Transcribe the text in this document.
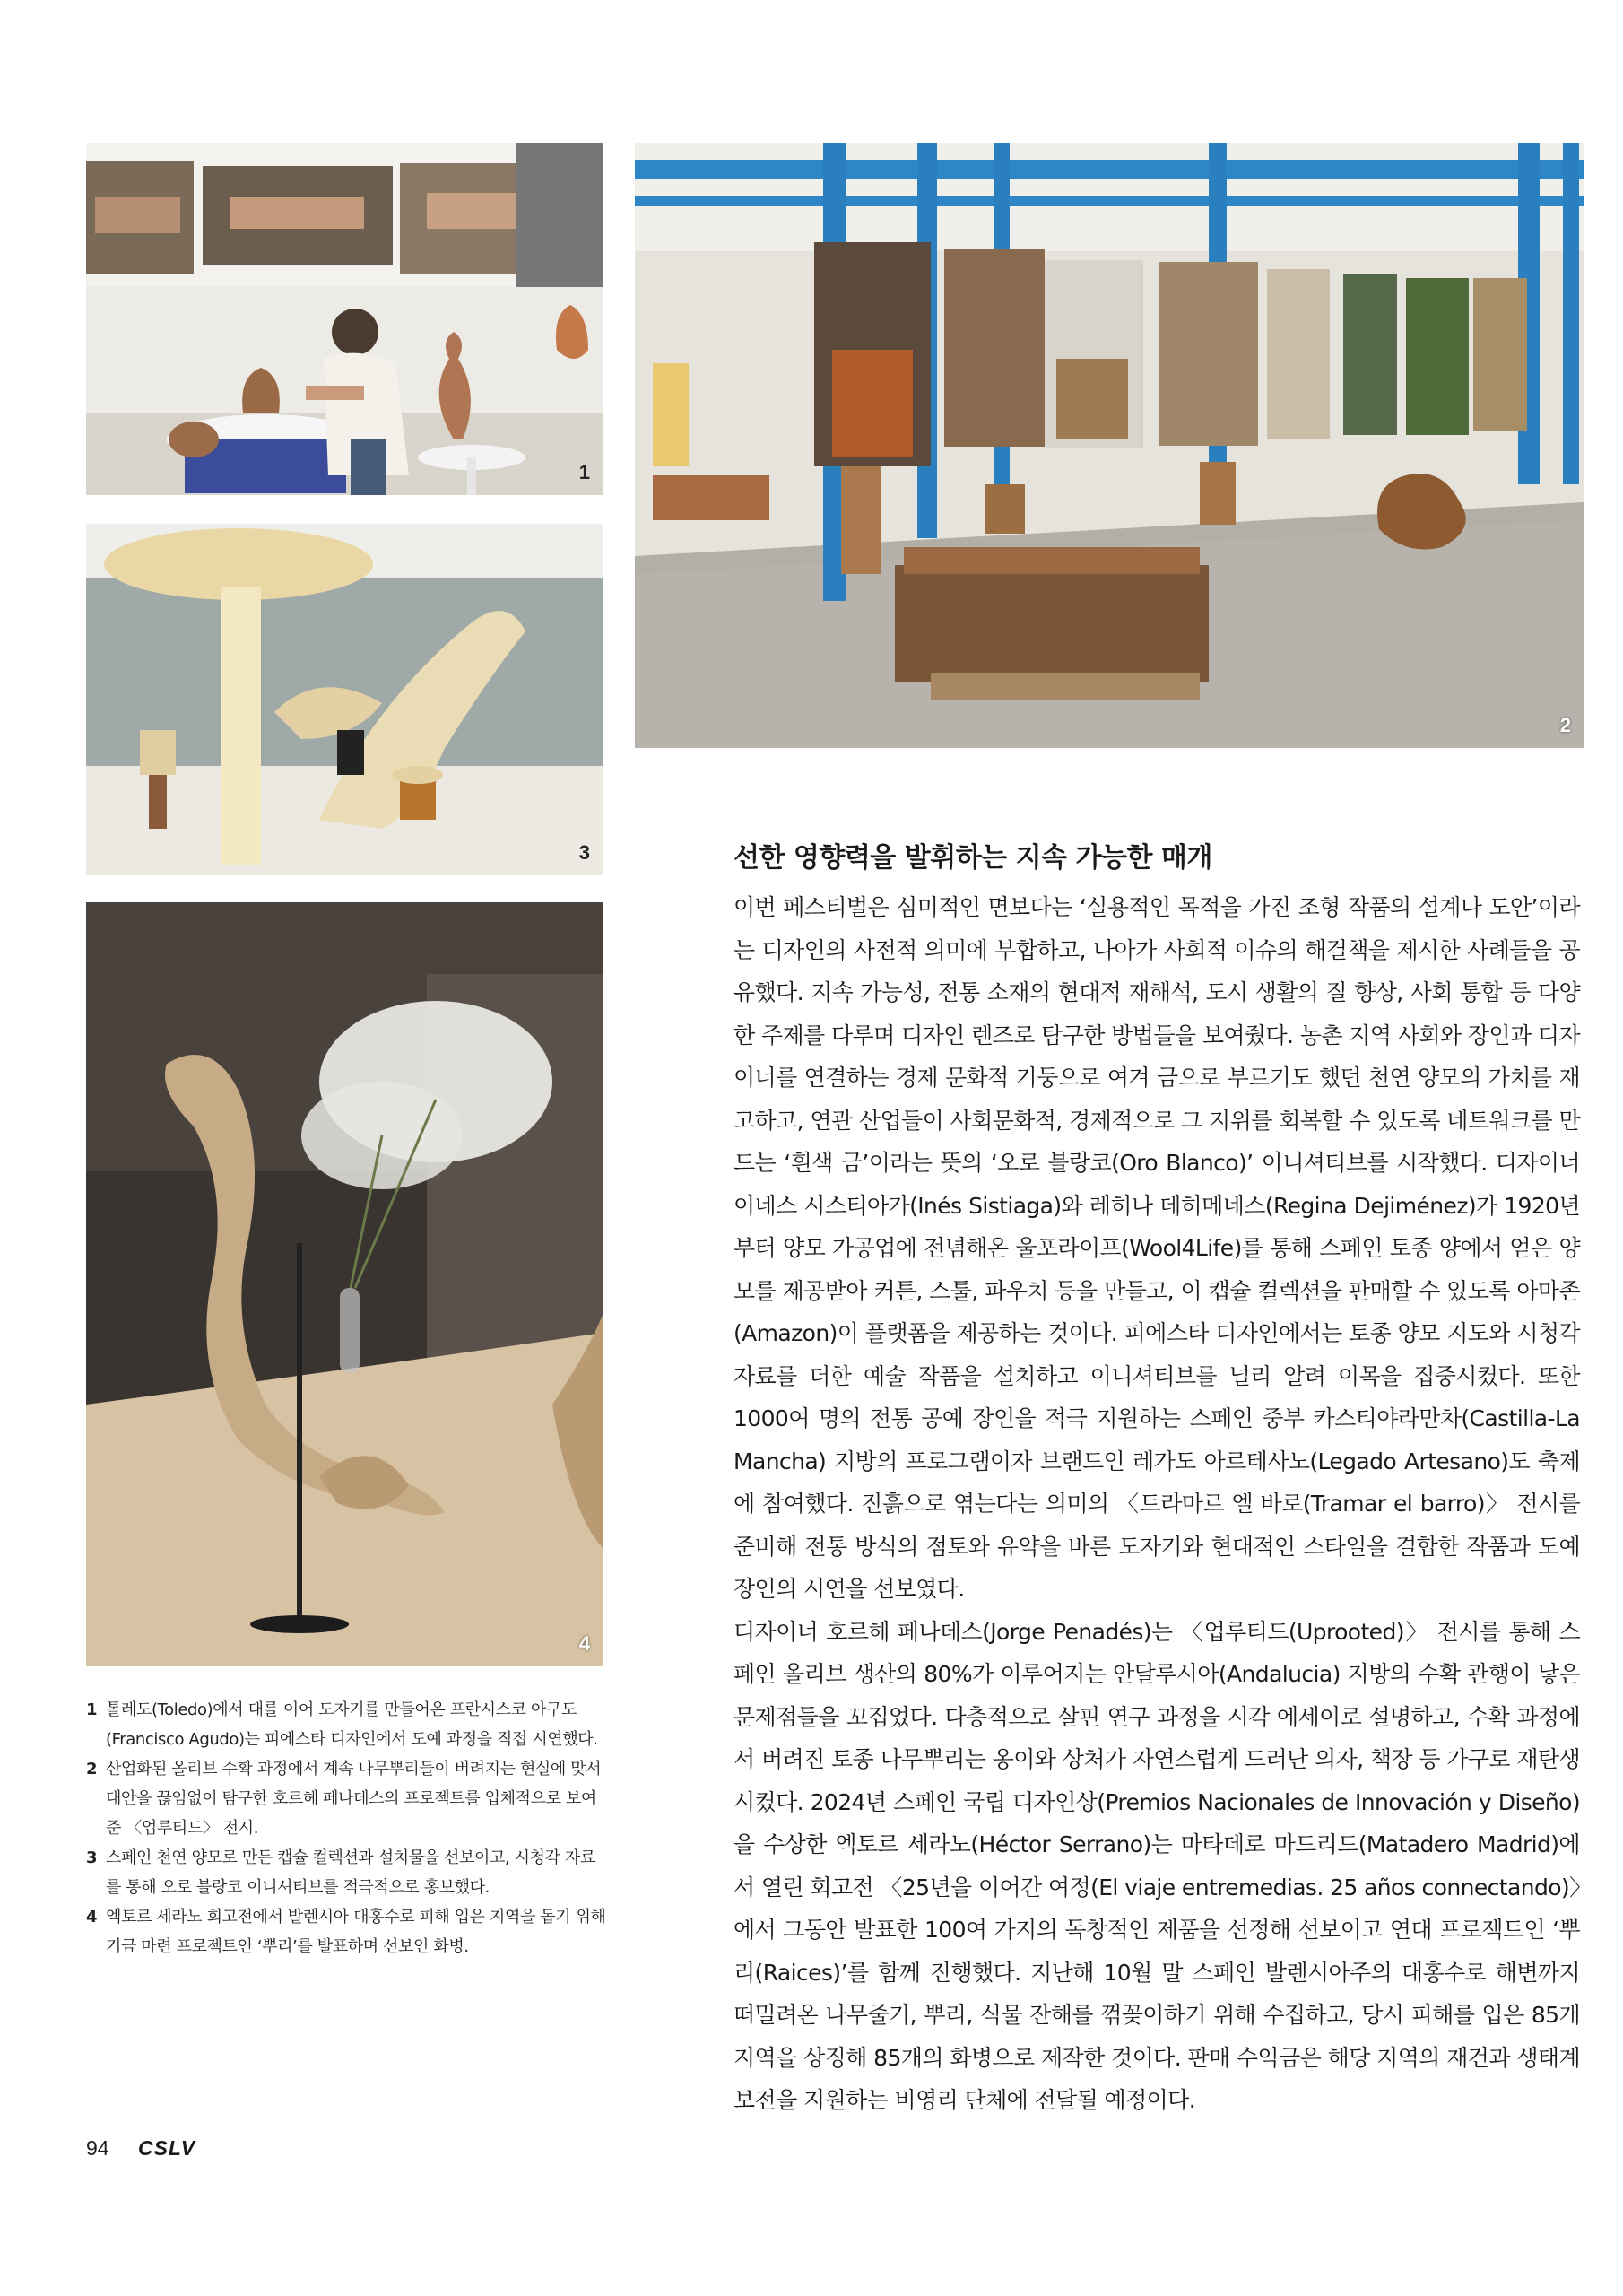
1
2
3
4
선한 영향력을 발휘하는 지속 가능한 매개

이번 페스티벌은 심미적인 면보다는 ‘실용적인 목적을 가진 조형 작품의 설계나 도안’이라는 디자인의 사전적 의미에 부합하고, 나아가 사회적 이슈의 해결책을 제시한 사례들을 공유했다. 지속 가능성, 전통 소재의 현대적 재해석, 도시 생활의 질 향상, 사회 통합 등 다양한 주제를 다루며 디자인 렌즈로 탐구한 방법들을 보여줬다. 농촌 지역 사회와 장인과 디자이너를 연결하는 경제 문화적 기둥으로 여겨 금으로 부르기도 했던 천연 양모의 가치를 재고하고, 연관 산업들이 사회문화적, 경제적으로 그 지위를 회복할 수 있도록 네트워크를 만드는 ‘흰색 금’이라는 뜻의 ‘오로 블랑코(Oro Blanco)’ 이니셔티브를 시작했다. 디자이너 이네스 시스티아가(Inés Sistiaga)와 레히나 데히메네스(Regina Dejiménez)가 1920년부터 양모 가공업에 전념해온 울포라이프(Wool4Life)를 통해 스페인 토종 양에서 얻은 양모를 제공받아 커튼, 스툴, 파우치 등을 만들고, 이 캡슐 컬렉션을 판매할 수 있도록 아마존(Amazon)이 플랫폼을 제공하는 것이다. 피에스타 디자인에서는 토종 양모 지도와 시청각 자료를 더한 예술 작품을 설치하고 이니셔티브를 널리 알려 이목을 집중시켰다. 또한 1000여 명의 전통 공예 장인을 적극 지원하는 스페인 중부 카스티야라만차(Castilla-La Mancha) 지방의 프로그램이자 브랜드인 레가도 아르테사노(Legado Artesano)도 축제에 참여했다. 진흙으로 엮는다는 의미의 〈트라마르 엘 바로(Tramar el barro)〉 전시를 준비해 전통 방식의 점토와 유약을 바른 도자기와 현대적인 스타일을 결합한 작품과 도예 장인의 시연을 선보였다.

디자이너 호르헤 페나데스(Jorge Penadés)는 〈업루티드(Uprooted)〉 전시를 통해 스페인 올리브 생산의 80%가 이루어지는 안달루시아(Andalucia) 지방의 수확 관행이 낳은 문제점들을 꼬집었다. 다층적으로 살핀 연구 과정을 시각 에세이로 설명하고, 수확 과정에서 버려진 토종 나무뿌리는 옹이와 상처가 자연스럽게 드러난 의자, 책장 등 가구로 재탄생시켰다. 2024년 스페인 국립 디자인상(Premios Nacionales de Innovación y Diseño)을 수상한 엑토르 세라노(Héctor Serrano)는 마타데로 마드리드(Matadero Madrid)에서 열린 회고전 〈25년을 이어간 여정(El viaje entremedias. 25 años connectando)〉에서 그동안 발표한 100여 가지의 독창적인 제품을 선정해 선보이고 연대 프로젝트인 ‘뿌리(Raices)’를 함께 진행했다. 지난해 10월 말 스페인 발렌시아주의 대홍수로 해변까지 떠밀려온 나무줄기, 뿌리, 식물 잔해를 꺾꽂이하기 위해 수집하고, 당시 피해를 입은 85개 지역을 상징해 85개의 화병으로 제작한 것이다. 판매 수익금은 해당 지역의 재건과 생태계 보전을 지원하는 비영리 단체에 전달될 예정이다.

1 톨레도(Toledo)에서 대를 이어 도자기를 만들어온 프란시스코 아구도(Francisco Agudo)는 피에스타 디자인에서 도예 과정을 직접 시연했다.
2 산업화된 올리브 수확 과정에서 계속 나무뿌리들이 버려지는 현실에 맞서 대안을 끊임없이 탐구한 호르헤 페나데스의 프로젝트를 입체적으로 보여준 〈업루티드〉 전시.
3 스페인 천연 양모로 만든 캡슐 컬렉션과 설치물을 선보이고, 시청각 자료를 통해 오로 블랑코 이니셔티브를 적극적으로 홍보했다.
4 엑토르 세라노 회고전에서 발렌시아 대홍수로 피해 입은 지역을 돕기 위해 기금 마련 프로젝트인 ‘뿌리’를 발표하며 선보인 화병.
94 CSLV
